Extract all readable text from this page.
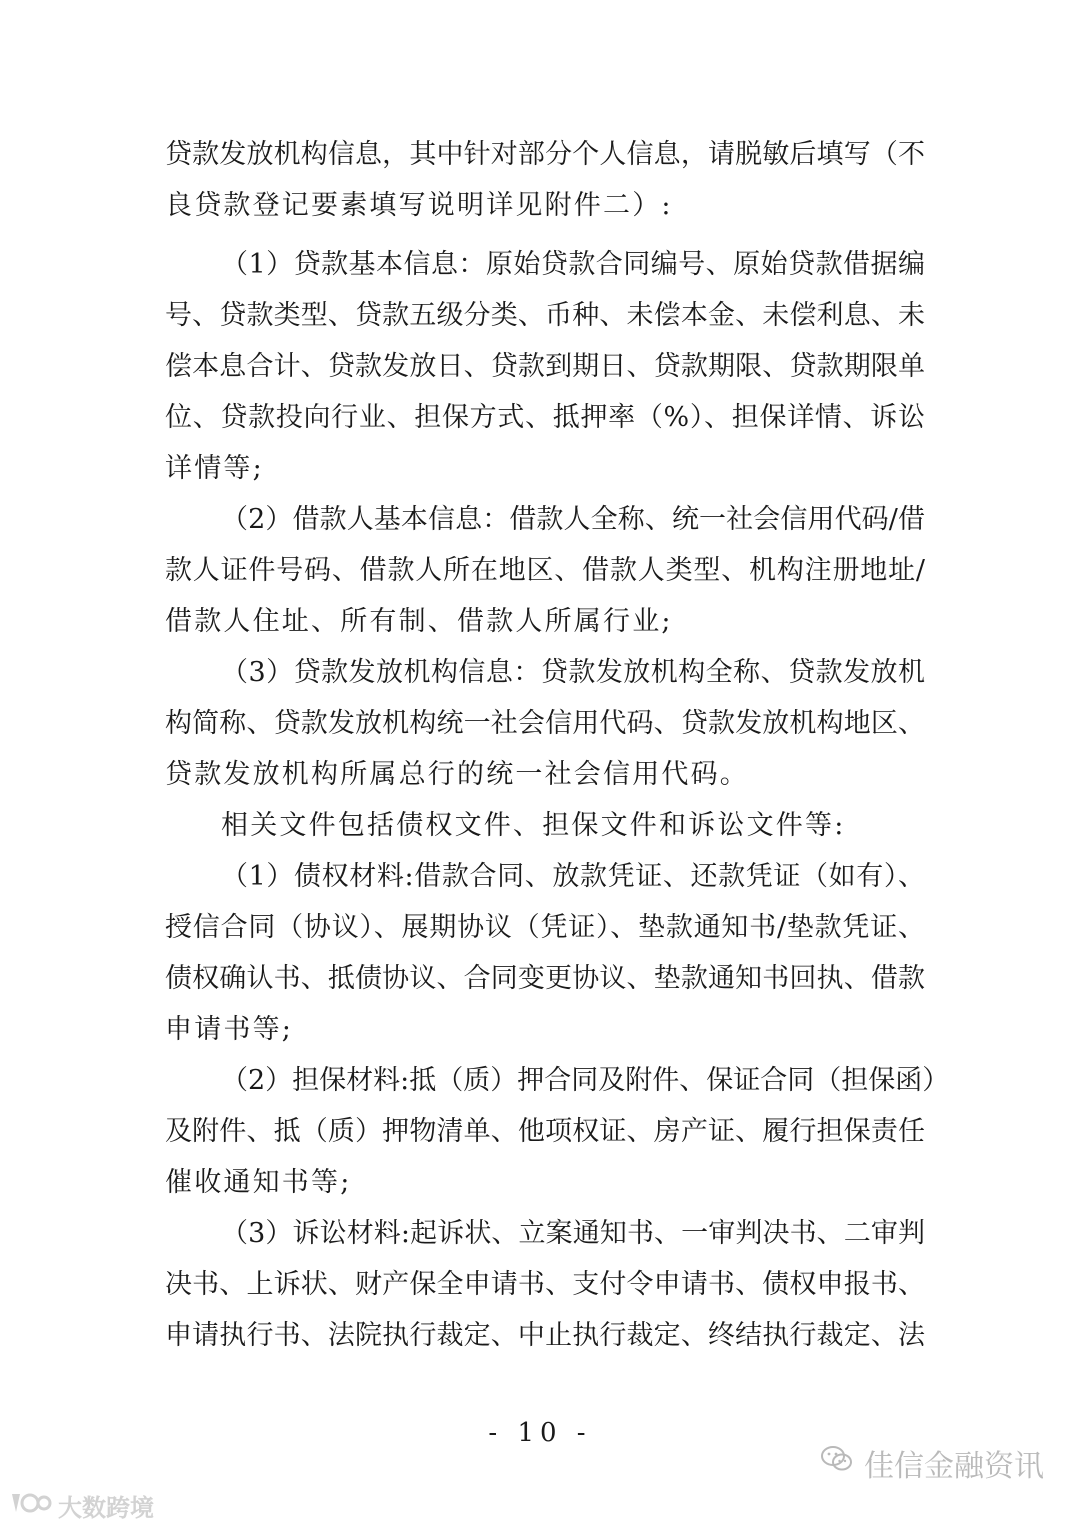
贷款发放机构信息，其中针对部分个人信息，请脱敏后填写（不
良贷款登记要素填写说明详见附件二）:
（1）贷款基本信息：原始贷款合同编号、原始贷款借据编
号、贷款类型、贷款五级分类、币种、未偿本金、未偿利息、未
偿本息合计、贷款发放日、贷款到期日、贷款期限、贷款期限单
位、贷款投向行业、担保方式、抵押率（%）、担保详情、诉讼
详情等;
（2）借款人基本信息：借款人全称、统一社会信用代码/借
款人证件号码、借款人所在地区、借款人类型、机构注册地址/
借款人住址、所有制、借款人所属行业;
（3）贷款发放机构信息：贷款发放机构全称、贷款发放机
构简称、贷款发放机构统一社会信用代码、贷款发放机构地区、
贷款发放机构所属总行的统一社会信用代码。
相关文件包括债权文件、担保文件和诉讼文件等:
（1）债权材料:借款合同、放款凭证、还款凭证（如有）、
授信合同（协议）、展期协议（凭证）、垫款通知书/垫款凭证、
债权确认书、抵债协议、合同变更协议、垫款通知书回执、借款
申请书等;
（2）担保材料:抵（质）押合同及附件、保证合同（担保函）
及附件、抵（质）押物清单、他项权证、房产证、履行担保责任
催收通知书等;
（3）诉讼材料:起诉状、立案通知书、一审判决书、二审判
决书、上诉状、财产保全申请书、支付令申请书、债权申报书、
申请执行书、法院执行裁定、中止执行裁定、终结执行裁定、法
- 10 -
佳信金融资讯
大数跨境
